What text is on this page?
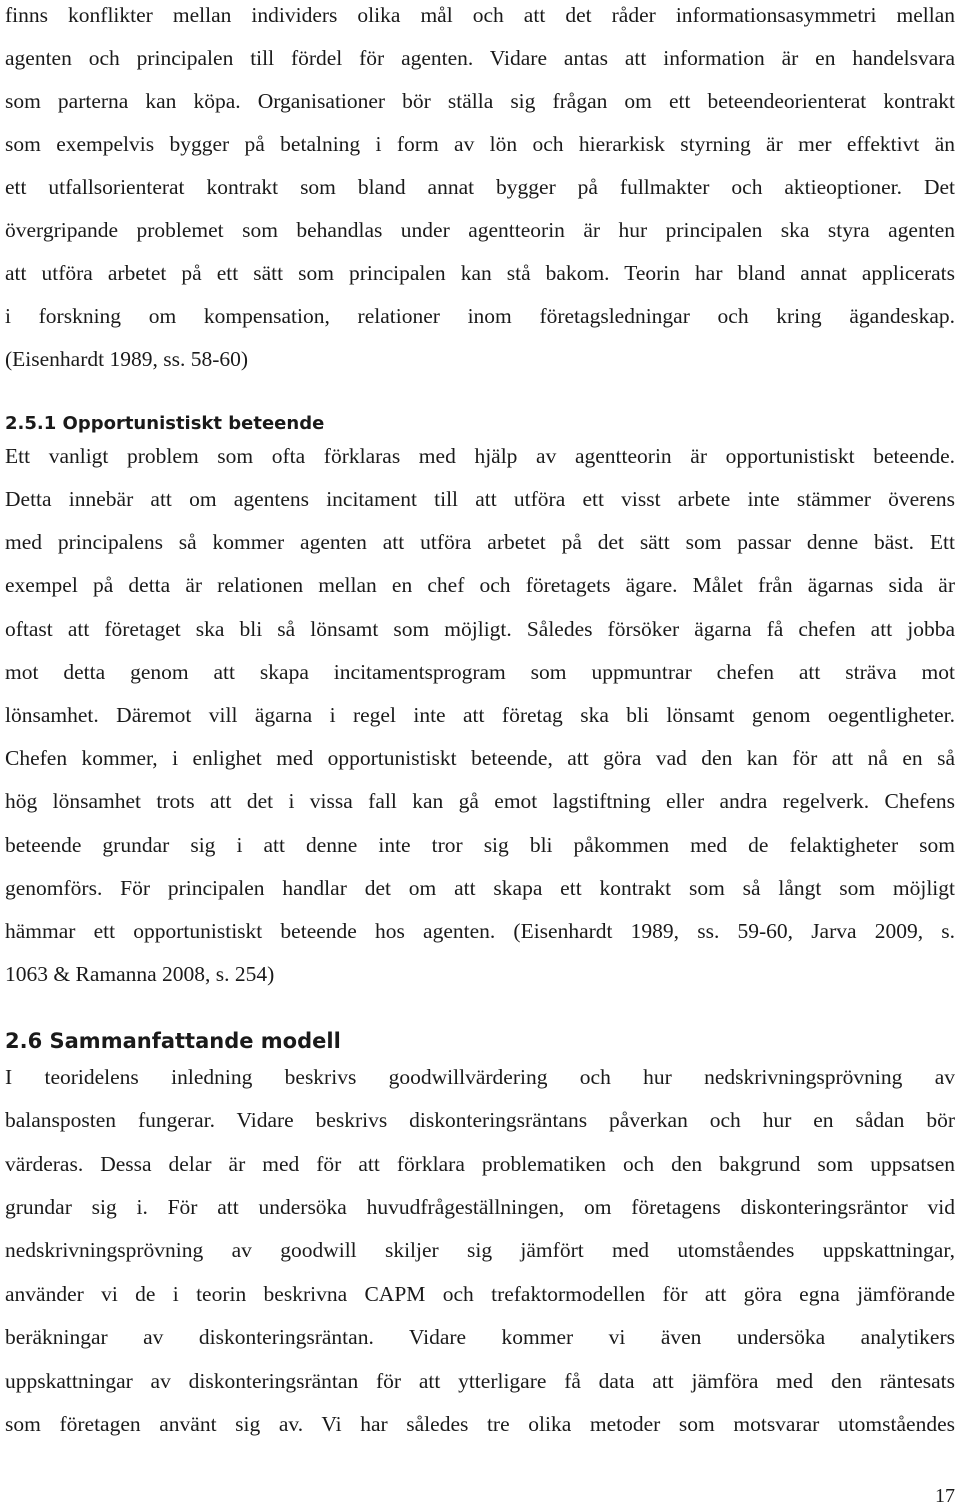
finns konflikter mellan individers olika mål och att det råder informationsasymmetri mellan
agenten och principalen till fördel för agenten. Vidare antas att information är en handelsvara
som parterna kan köpa. Organisationer bör ställa sig frågan om ett beteendeorienterat kontrakt
som exempelvis bygger på betalning i form av lön och hierarkisk styrning är mer effektivt än
ett utfallsorienterat kontrakt som bland annat bygger på fullmakter och aktieoptioner. Det
övergripande problemet som behandlas under agentteorin är hur principalen ska styra agenten
att utföra arbetet på ett sätt som principalen kan stå bakom. Teorin har bland annat applicerats
i forskning om kompensation, relationer inom företagsledningar och kring ägandeskap.
(Eisenhardt 1989, ss. 58-60)
2.5.1 Opportunistiskt beteende
Ett vanligt problem som ofta förklaras med hjälp av agentteorin är opportunistiskt beteende.
Detta innebär att om agentens incitament till att utföra ett visst arbete inte stämmer överens
med principalens så kommer agenten att utföra arbetet på det sätt som passar denne bäst. Ett
exempel på detta är relationen mellan en chef och företagets ägare. Målet från ägarnas sida är
oftast att företaget ska bli så lönsamt som möjligt. Således försöker ägarna få chefen att jobba
mot detta genom att skapa incitamentsprogram som uppmuntrar chefen att sträva mot
lönsamhet. Däremot vill ägarna i regel inte att företag ska bli lönsamt genom oegentligheter.
Chefen kommer, i enlighet med opportunistiskt beteende, att göra vad den kan för att nå en så
hög lönsamhet trots att det i vissa fall kan gå emot lagstiftning eller andra regelverk. Chefens
beteende grundar sig i att denne inte tror sig bli påkommen med de felaktigheter som
genomförs. För principalen handlar det om att skapa ett kontrakt som så långt som möjligt
hämmar ett opportunistiskt beteende hos agenten. (Eisenhardt 1989, ss. 59-60, Jarva 2009, s.
1063 & Ramanna 2008, s. 254)
2.6 Sammanfattande modell
I teoridelens inledning beskrivs goodwillvärdering och hur nedskrivningsprövning av
balansposten fungerar. Vidare beskrivs diskonteringsräntans påverkan och hur en sådan bör
värderas. Dessa delar är med för att förklara problematiken och den bakgrund som uppsatsen
grundar sig i. För att undersöka huvudfrågeställningen, om företagens diskonteringsräntor vid
nedskrivningsprövning av goodwill skiljer sig jämfört med utomståendes uppskattningar,
använder vi de i teorin beskrivna CAPM och trefaktormodellen för att göra egna jämförande
beräkningar av diskonteringsräntan. Vidare kommer vi även undersöka analytikers
uppskattningar av diskonteringsräntan för att ytterligare få data att jämföra med den räntesats
som företagen använt sig av. Vi har således tre olika metoder som motsvarar utomståendes
17
